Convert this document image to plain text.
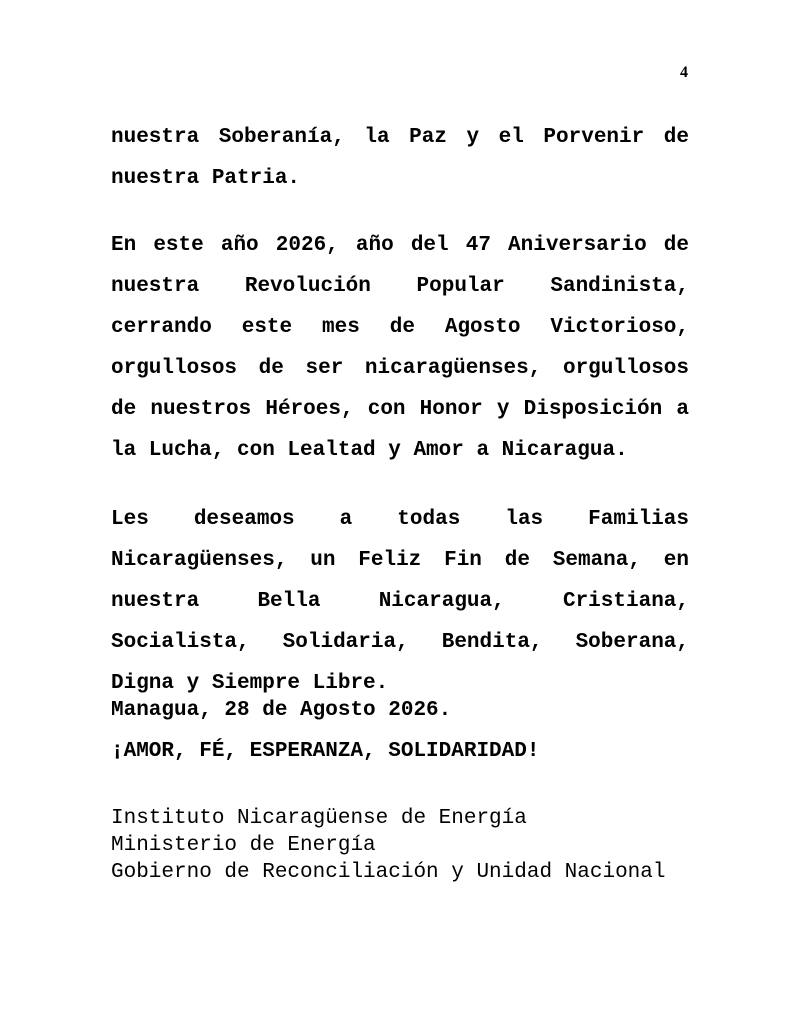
4

nuestra Soberanía, la Paz y el Porvenir de nuestra Patria.

En este año 2026, año del 47 Aniversario de nuestra Revolución Popular Sandinista, cerrando este mes de Agosto Victorioso, orgullosos de ser nicaragüenses, orgullosos de nuestros Héroes, con Honor y Disposición a la Lucha, con Lealtad y Amor a Nicaragua.

Les deseamos a todas las Familias Nicaragüenses, un Feliz Fin de Semana, en nuestra Bella Nicaragua, Cristiana, Socialista, Solidaria, Bendita, Soberana, Digna y Siempre Libre.

Managua, 28 de Agosto 2026.
¡AMOR, FÉ, ESPERANZA, SOLIDARIDAD!
Instituto Nicaragüense de Energía
Ministerio de Energía
Gobierno de Reconciliación y Unidad Nacional
